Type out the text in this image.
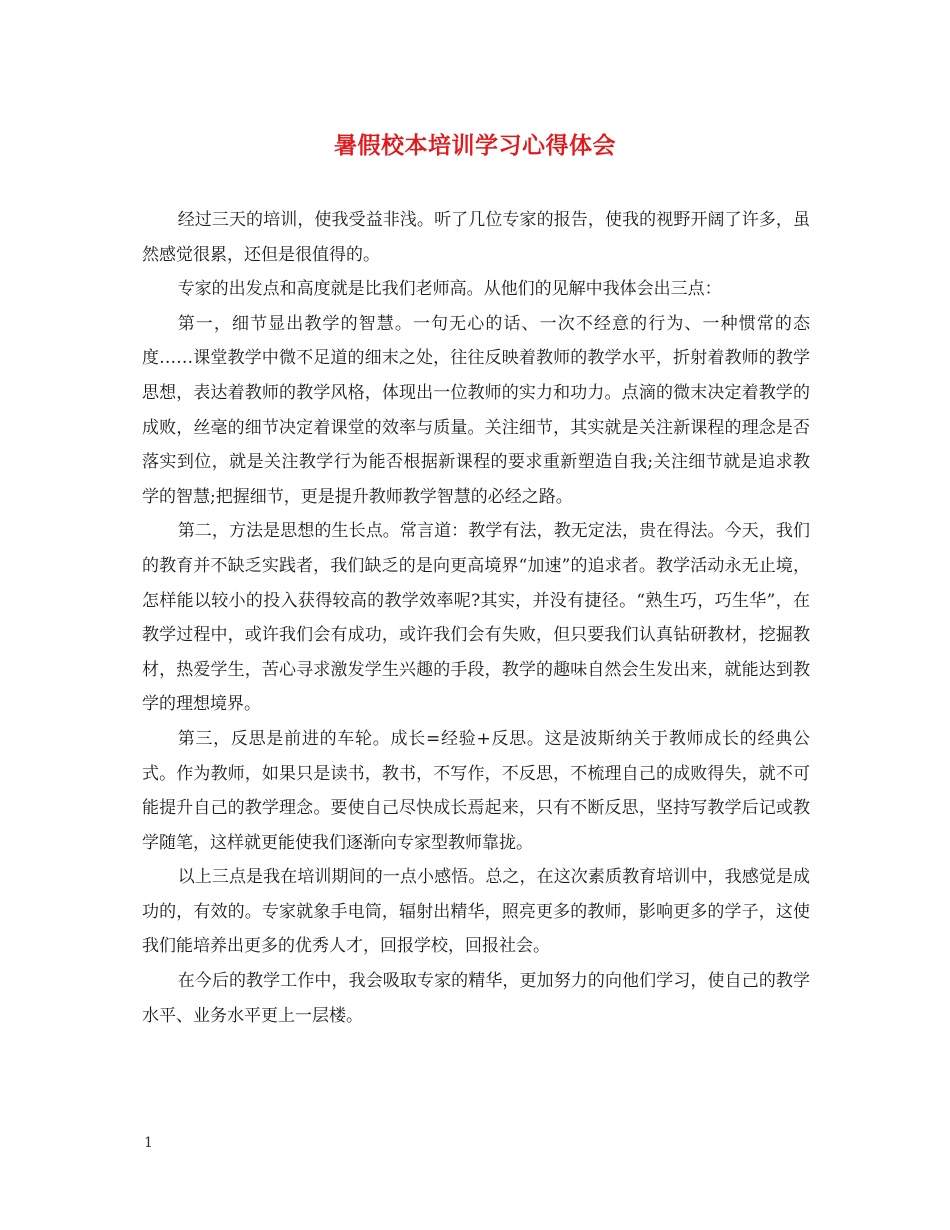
暑假校本培训学习心得体会

经过三天的培训，使我受益非浅。听了几位专家的报告，使我的视野开阔了许多，虽然感觉很累，还但是很值得的。

专家的出发点和高度就是比我们老师高。从他们的见解中我体会出三点：

第一，细节显出教学的智慧。一句无心的话、一次不经意的行为、一种惯常的态度……课堂教学中微不足道的细末之处，往往反映着教师的教学水平，折射着教师的教学思想，表达着教师的教学风格，体现出一位教师的实力和功力。点滴的微末决定着教学的成败，丝毫的细节决定着课堂的效率与质量。关注细节，其实就是关注新课程的理念是否落实到位，就是关注教学行为能否根据新课程的要求重新塑造自我;关注细节就是追求教学的智慧;把握细节，更是提升教师教学智慧的必经之路。

第二，方法是思想的生长点。常言道：教学有法，教无定法，贵在得法。今天，我们的教育并不缺乏实践者，我们缺乏的是向更高境界“加速”的追求者。教学活动永无止境，怎样能以较小的投入获得较高的教学效率呢?其实，并没有捷径。“熟生巧，巧生华”，在教学过程中，或许我们会有成功，或许我们会有失败，但只要我们认真钻研教材，挖掘教材，热爱学生，苦心寻求激发学生兴趣的手段，教学的趣味自然会生发出来，就能达到教学的理想境界。

第三，反思是前进的车轮。成长=经验+反思。这是波斯纳关于教师成长的经典公式。作为教师，如果只是读书，教书，不写作，不反思，不梳理自己的成败得失，就不可能提升自己的教学理念。要使自己尽快成长焉起来，只有不断反思，坚持写教学后记或教学随笔，这样就更能使我们逐渐向专家型教师靠拢。

以上三点是我在培训期间的一点小感悟。总之，在这次素质教育培训中，我感觉是成功的，有效的。专家就象手电筒，辐射出精华，照亮更多的教师，影响更多的学子，这使我们能培养出更多的优秀人才，回报学校，回报社会。

在今后的教学工作中，我会吸取专家的精华，更加努力的向他们学习，使自己的教学水平、业务水平更上一层楼。

1
